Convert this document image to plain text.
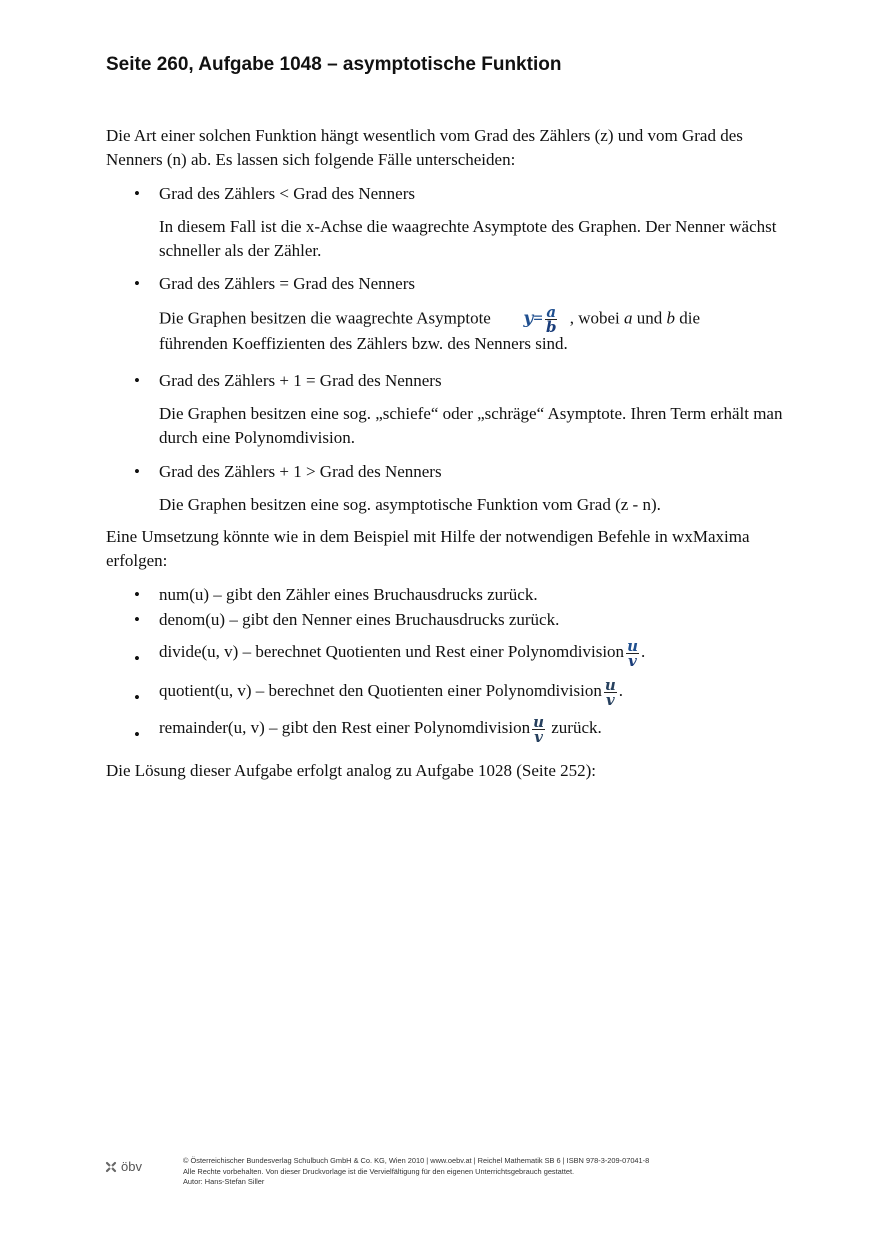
Seite 260, Aufgabe 1048 – asymptotische Funktion
Die Art einer solchen Funktion hängt wesentlich vom Grad des Zählers (z) und vom Grad des Nenners (n) ab. Es lassen sich folgende Fälle unterscheiden:
•	Grad des Zählers < Grad des Nenners
In diesem Fall ist die x-Achse die waagrechte Asymptote des Graphen. Der Nenner wächst schneller als der Zähler.
•	Grad des Zählers = Grad des Nenners
Die Graphen besitzen die waagrechte Asymptote $y= \frac{a}{b}$ , wobei a und b die
führenden Koeffizienten des Zählers bzw. des Nenners sind.
•	Grad des Zählers + 1 = Grad des Nenners
Die Graphen besitzen eine sog. „schiefe“ oder „schräge“ Asymptote. Ihren Term erhält man durch eine Polynomdivision.
•	Grad des Zählers + 1 > Grad des Nenners
Die Graphen besitzen eine sog. asymptotische Funktion vom Grad (z - n).
Eine Umsetzung könnte wie in dem Beispiel mit Hilfe der notwendigen Befehle in wxMaxima erfolgen:
•	num(u) – gibt den Zähler eines Bruchausdrucks zurück.
•	denom(u) – gibt den Nenner eines Bruchausdrucks zurück.
•	divide(u, v) – berechnet Quotienten und Rest einer Polynomdivision $\frac{u}{v}$ .
•	quotient(u, v) – berechnet den Quotienten einer Polynomdivision $\frac{u}{v}$ .
•	remainder(u, v) – gibt den Rest einer Polynomdivision $\frac{u}{v}$ zurück.
Die Lösung dieser Aufgabe erfolgt analog zu Aufgabe 1028 (Seite 252):
öbv	© Österreichischer Bundesverlag Schulbuch GmbH & Co. KG, Wien 2010 | www.oebv.at | Reichel Mathematik SB 6 | ISBN 978-3-209-07041-8
Alle Rechte vorbehalten. Von dieser Druckvorlage ist die Vervielfältigung für den eigenen Unterrichtsgebrauch gestattet.
Autor: Hans-Stefan Siller
